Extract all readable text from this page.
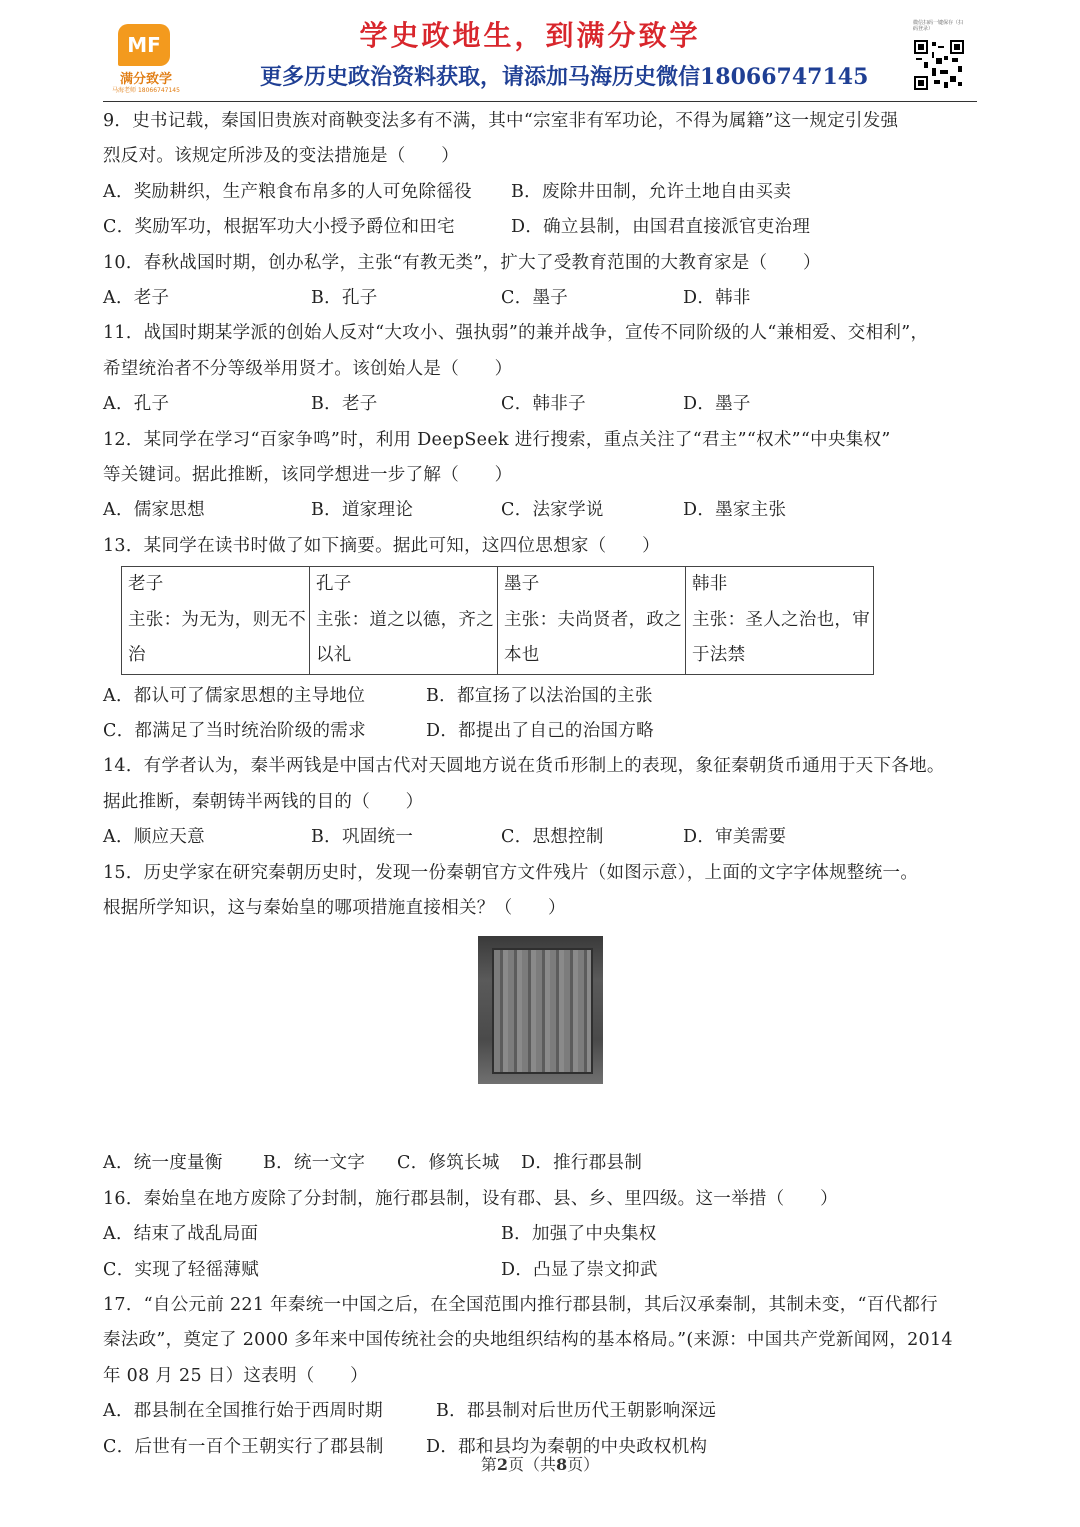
MF
满分致学
马海老师 18066747145
学史政地生，到满分致学
更多历史政治资料获取，请添加马海历史微信18066747145
微信扫码一键保存（扫码登录）

9．史书记载，秦国旧贵族对商鞅变法多有不满，其中“宗室非有军功论，不得为属籍”这一规定引发强

烈反对。该规定所涉及的变法措施是（　　）

A．奖励耕织，生产粮食布帛多的人可免除徭役	B．废除井田制，允许土地自由买卖
C．奖励军功，根据军功大小授予爵位和田宅	D．确立县制，由国君直接派官吏治理

10．春秋战国时期，创办私学，主张“有教无类”，扩大了受教育范围的大教育家是（　　）

A．老子	B．孔子	C．墨子	D．韩非

11．战国时期某学派的创始人反对“大攻小、强执弱”的兼并战争，宣传不同阶级的人“兼相爱、交相利”，

希望统治者不分等级举用贤才。该创始人是（　　）

A．孔子	B．老子	C．韩非子	D．墨子

12．某同学在学习“百家争鸣”时，利用 DeepSeek 进行搜索，重点关注了“君主”“权术”“中央集权”

等关键词。据此推断，该同学想进一步了解（　　）

A．儒家思想	B．道家理论	C．法家学说	D．墨家主张

13．某同学在读书时做了如下摘要。据此可知，这四位思想家（　　）

老子
主张：为无为，则无不治

孔子
主张：道之以德，齐之以礼

墨子
主张：夫尚贤者，政之本也

韩非
主张：圣人之治也，审于法禁
A．都认可了儒家思想的主导地位	B．都宣扬了以法治国的主张
C．都满足了当时统治阶级的需求	D．都提出了自己的治国方略

14．有学者认为，秦半两钱是中国古代对天圆地方说在货币形制上的表现，象征秦朝货币通用于天下各地。

据此推断，秦朝铸半两钱的目的（　　）

A．顺应天意	B．巩固统一	C．思想控制	D．审美需要

15．历史学家在研究秦朝历史时，发现一份秦朝官方文件残片（如图示意），上面的文字字体规整统一。

根据所学知识，这与秦始皇的哪项措施直接相关？（　　）

A．统一度量衡	B．统一文字	C．修筑长城	D．推行郡县制

16．秦始皇在地方废除了分封制，施行郡县制，设有郡、县、乡、里四级。这一举措（　　）

A．结束了战乱局面	B．加强了中央集权
C．实现了轻徭薄赋	D．凸显了崇文抑武

17．“自公元前 221 年秦统一中国之后，在全国范围内推行郡县制，其后汉承秦制，其制未变，“百代都行

秦法政”，奠定了 2000 多年来中国传统社会的央地组织结构的基本格局。”(来源：中国共产党新闻网，2014

年 08 月 25 日）这表明（　　）

A．郡县制在全国推行始于西周时期	B．郡县制对后世历代王朝影响深远
C．后世有一百个王朝实行了郡县制	D．郡和县均为秦朝的中央政权机构
第2页（共8页）
